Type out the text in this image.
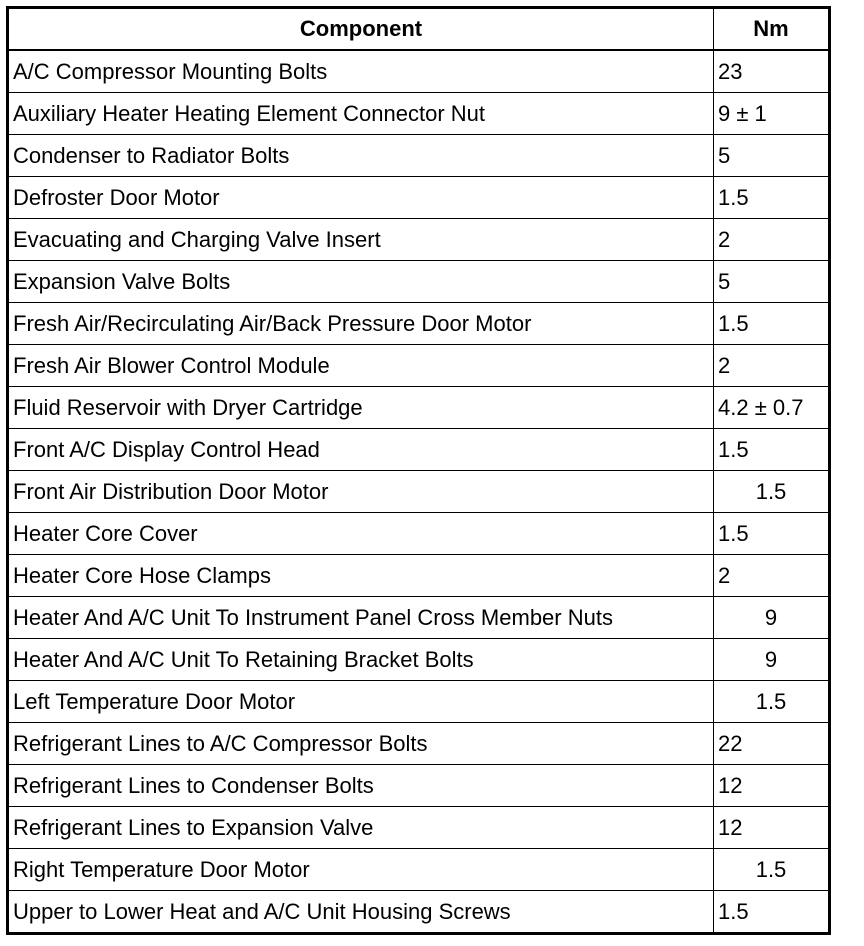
Component	Nm
A/C Compressor Mounting Bolts	23
Auxiliary Heater Heating Element Connector Nut	9 ± 1
Condenser to Radiator Bolts	5
Defroster Door Motor	1.5
Evacuating and Charging Valve Insert	2
Expansion Valve Bolts	5
Fresh Air/Recirculating Air/Back Pressure Door Motor	1.5
Fresh Air Blower Control Module	2
Fluid Reservoir with Dryer Cartridge	4.2 ± 0.7
Front A/C Display Control Head	1.5
Front Air Distribution Door Motor	1.5
Heater Core Cover	1.5
Heater Core Hose Clamps	2
Heater And A/C Unit To Instrument Panel Cross Member Nuts	9
Heater And A/C Unit To Retaining Bracket Bolts	9
Left Temperature Door Motor	1.5
Refrigerant Lines to A/C Compressor Bolts	22
Refrigerant Lines to Condenser Bolts	12
Refrigerant Lines to Expansion Valve	12
Right Temperature Door Motor	1.5
Upper to Lower Heat and A/C Unit Housing Screws	1.5
